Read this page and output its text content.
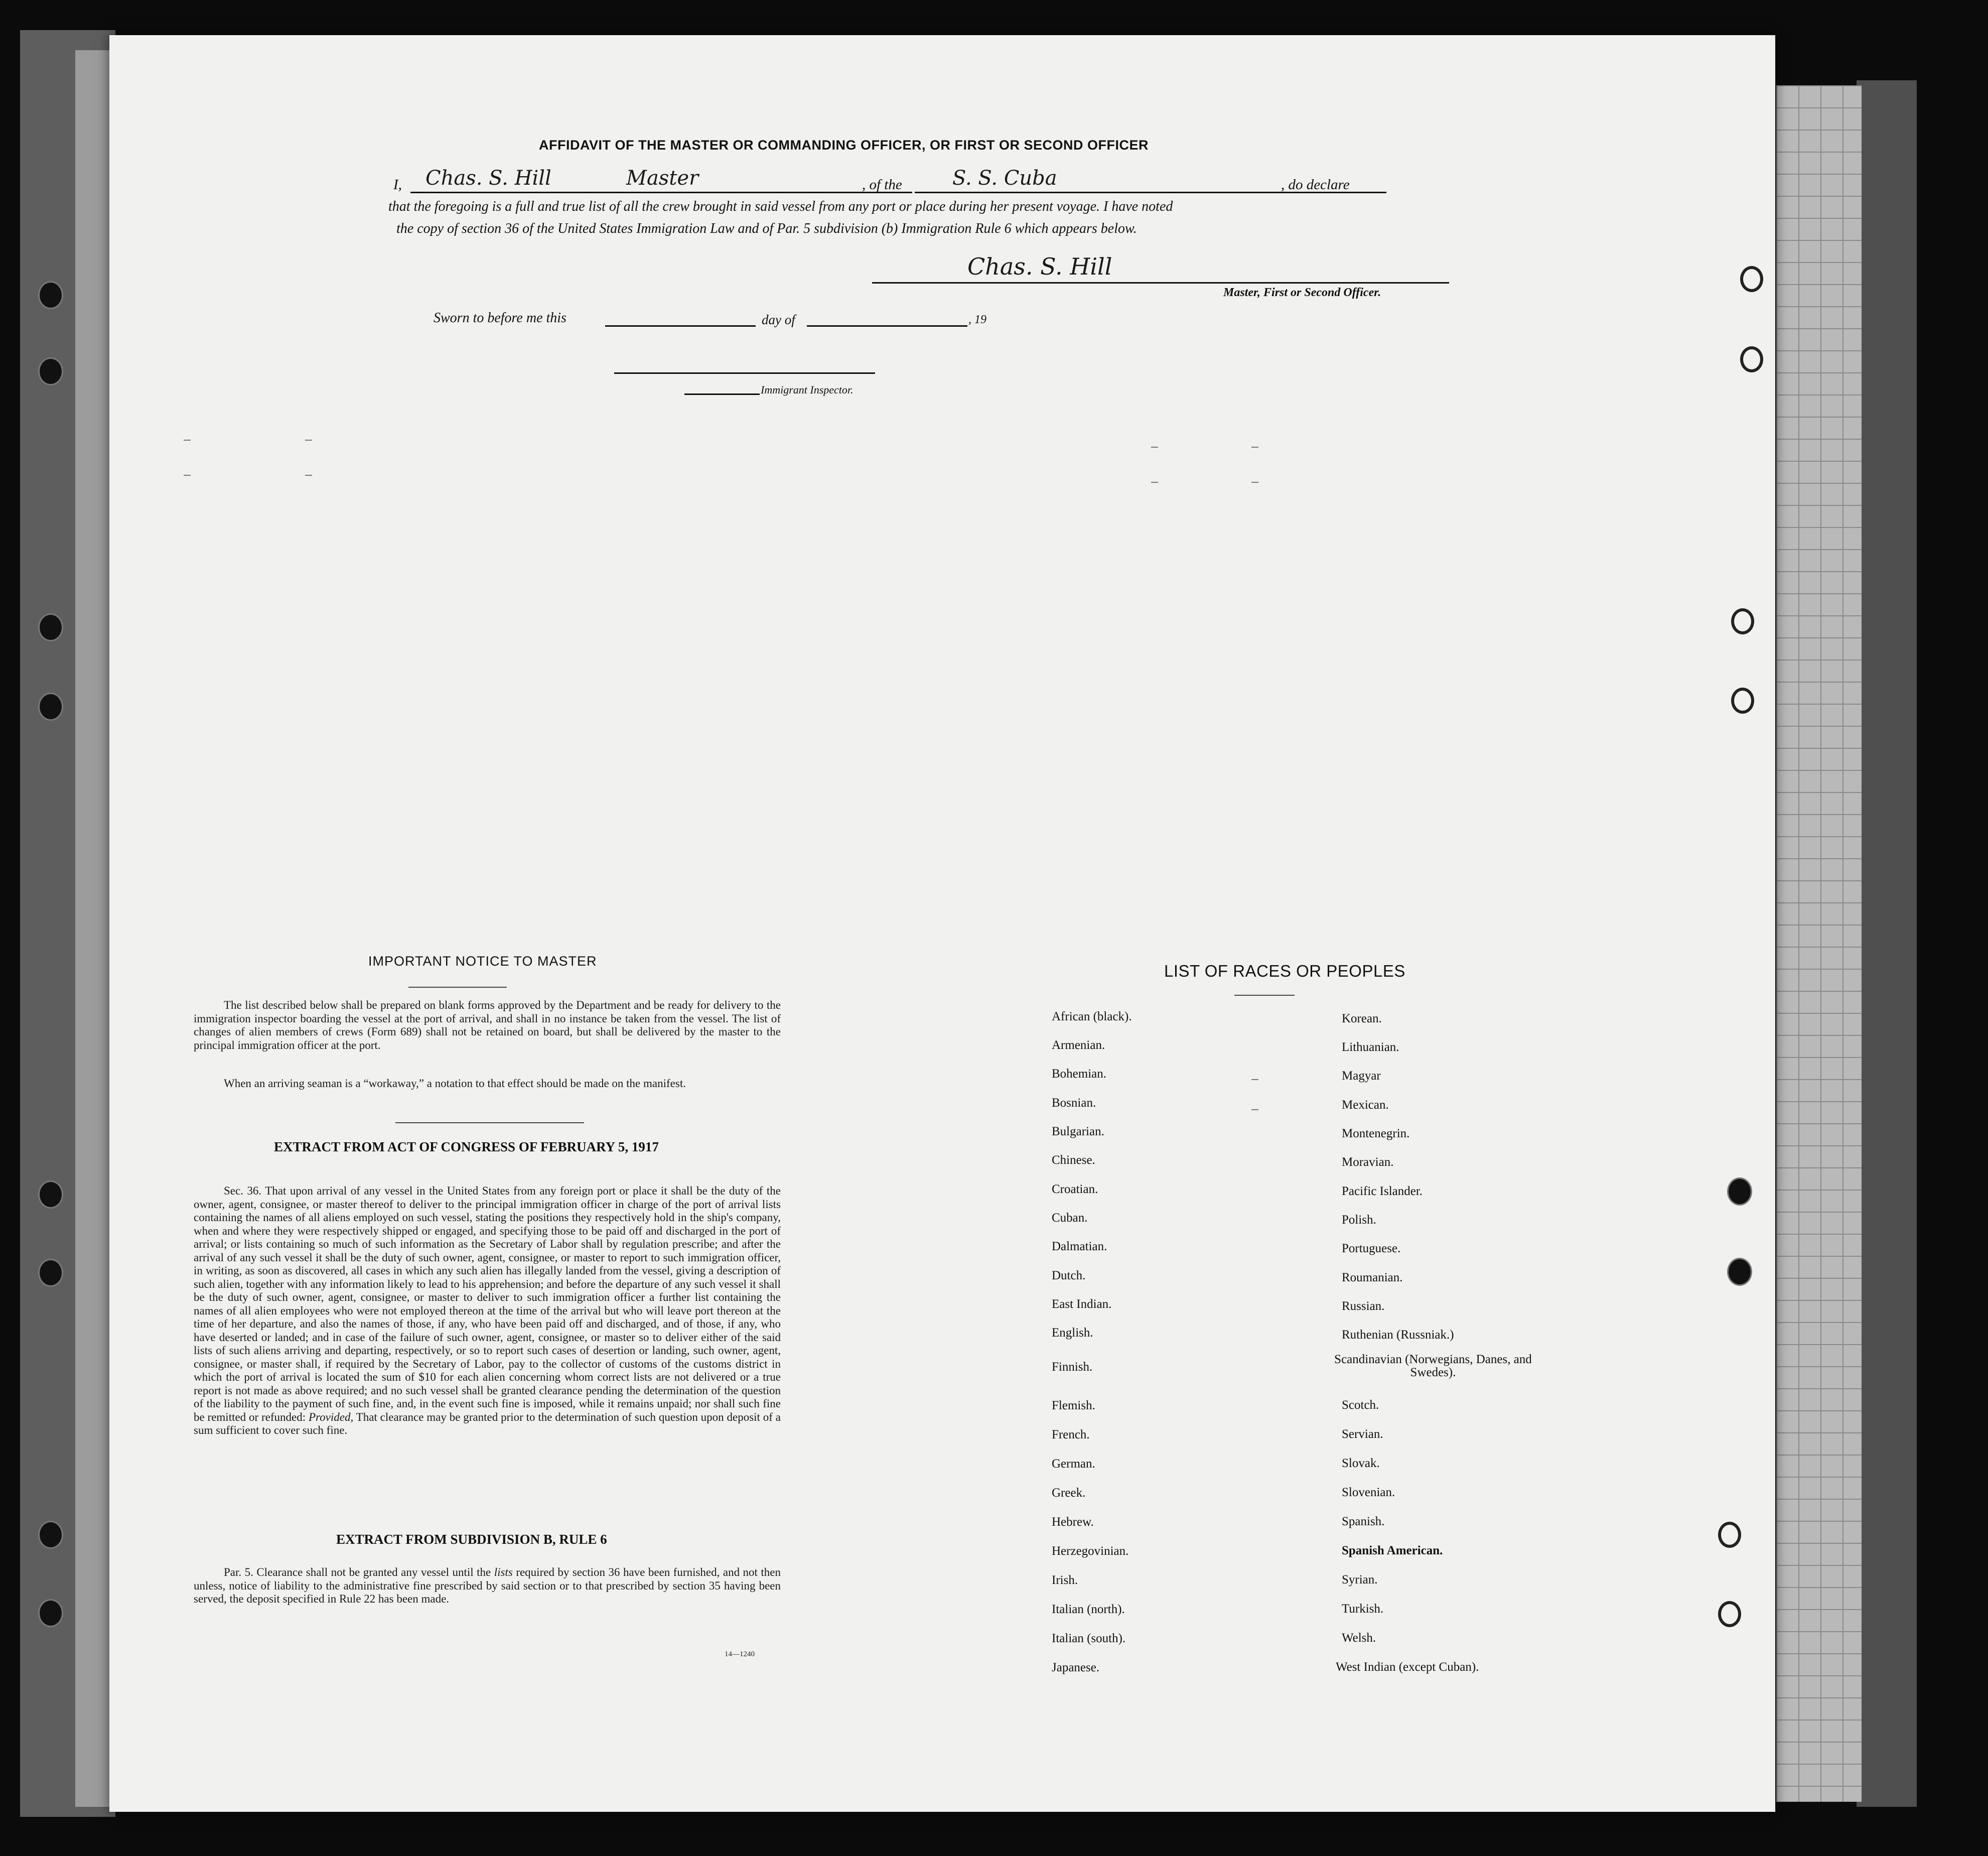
AFFIDAVIT OF THE MASTER OR COMMANDING OFFICER, OR FIRST OR SECOND OFFICER
I, Chas. S. Hill	Master	, of the	S. S. Cuba	, do declare
that the foregoing is a full and true list of all the crew brought in said vessel from any port or place during her present voyage. I have noted
the copy of section 36 of the United States Immigration Law and of Par. 5 subdivision (b) Immigration Rule 6 which appears below.
Chas. S. Hill
Master, First or Second Officer.
Sworn to before me this	day of	, 19
Immigrant Inspector.
IMPORTANT NOTICE TO MASTER

The list described below shall be prepared on blank forms approved by the Department and be ready for delivery to the immigration inspector boarding the vessel at the port of arrival, and shall in no instance be taken from the vessel. The list of changes of alien members of crews (Form 689) shall not be retained on board, but shall be delivered by the master to the principal immigration officer at the port.

When an arriving seaman is a “workaway,” a notation to that effect should be made on the manifest.

EXTRACT FROM ACT OF CONGRESS OF FEBRUARY 5, 1917

Sec. 36. That upon arrival of any vessel in the United States from any foreign port or place it shall be the duty of the owner, agent, consignee, or master thereof to deliver to the principal immigration officer in charge of the port of arrival lists containing the names of all aliens employed on such vessel, stating the positions they respectively hold in the ship's company, when and where they were respectively shipped or engaged, and specifying those to be paid off and discharged in the port of arrival; or lists containing so much of such information as the Secretary of Labor shall by regulation prescribe; and after the arrival of any such vessel it shall be the duty of such owner, agent, consignee, or master to report to such immigration officer, in writing, as soon as discovered, all cases in which any such alien has illegally landed from the vessel, giving a description of such alien, together with any information likely to lead to his apprehension; and before the departure of any such vessel it shall be the duty of such owner, agent, consignee, or master to deliver to such immigration officer a further list containing the names of all alien employees who were not employed thereon at the time of the arrival but who will leave port thereon at the time of her departure, and also the names of those, if any, who have been paid off and discharged, and of those, if any, who have deserted or landed; and in case of the failure of such owner, agent, consignee, or master so to deliver either of the said lists of such aliens arriving and departing, respectively, or so to report such cases of desertion or landing, such owner, agent, consignee, or master shall, if required by the Secretary of Labor, pay to the collector of customs of the customs district in which the port of arrival is located the sum of $10 for each alien concerning whom correct lists are not delivered or a true report is not made as above required; and no such vessel shall be granted clearance pending the determination of the question of the liability to the payment of such fine, and, in the event such fine is imposed, while it remains unpaid; nor shall such fine be remitted or refunded: Provided, That clearance may be granted prior to the determination of such question upon deposit of a sum sufficient to cover such fine.

EXTRACT FROM SUBDIVISION B, RULE 6

Par. 5. Clearance shall not be granted any vessel until the lists required by section 36 have been furnished, and not then unless, notice of liability to the administrative fine prescribed by said section or to that prescribed by section 35 having been served, the deposit specified in Rule 22 has been made.

14—1240
LIST OF RACES OR PEOPLES
African (black).
Armenian.
Bohemian.
Bosnian.
Bulgarian.
Chinese.
Croatian.
Cuban.
Dalmatian.
Dutch.
East Indian.
English.
Finnish.
Flemish.
French.
German.
Greek.
Hebrew.
Herzegovinian.
Irish.
Italian (north).
Italian (south).
Japanese.
Korean.
Lithuanian.
Magyar
Mexican.
Montenegrin.
Moravian.
Pacific Islander.
Polish.
Portuguese.
Roumanian.
Russian.
Ruthenian (Russniak.)
Scandinavian (Norwegians, Danes, and Swedes).
Scotch.
Servian.
Slovak.
Slovenian.
Spanish.
Spanish American.
Syrian.
Turkish.
Welsh.
West Indian (except Cuban).
